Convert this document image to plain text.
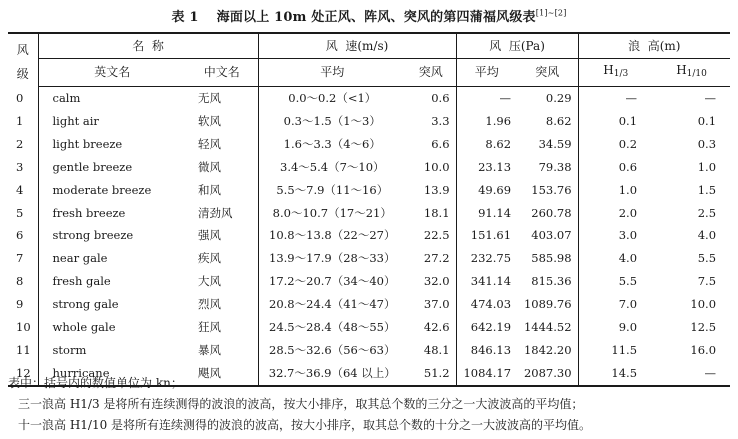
表 1 海面以上 10m 处正风、阵风、突风的第四蒲福风级表[1]~[2]
风
级	名  称		风  速(m/s)		风  压(Pa)		浪  高(m)	
	英文名	中文名	平均	突风	平均	突风	H1/3	H1/10
0	calm	无风	0.0～0.2（<1）	0.6	—	0.29	—	—
1	light air	软风	0.3～1.5（1～3）	3.3	1.96	8.62	0.1	0.1
2	light breeze	轻风	1.6～3.3（4～6）	6.6	8.62	34.59	0.2	0.3
3	gentle breeze	微风	3.4～5.4（7～10）	10.0	23.13	79.38	0.6	1.0
4	moderate breeze	和风	5.5～7.9（11～16）	13.9	49.69	153.76	1.0	1.5
5	fresh breeze	清劲风	8.0～10.7（17～21）	18.1	91.14	260.78	2.0	2.5
6	strong breeze	强风	10.8～13.8（22～27）	22.5	151.61	403.07	3.0	4.0
7	near gale	疾风	13.9～17.9（28～33）	27.2	232.75	585.98	4.0	5.5
8	fresh gale	大风	17.2～20.7（34～40）	32.0	341.14	815.36	5.5	7.5
9	strong gale	烈风	20.8～24.4（41～47）	37.0	474.03	1089.76	7.0	10.0
10	whole gale	狂风	24.5～28.4（48～55）	42.6	642.19	1444.52	9.0	12.5
11	storm	暴风	28.5～32.6（56～63）	48.1	846.13	1842.20	11.5	16.0
12	hurricane	飓风	32.7～36.9（64 以上）	51.2	1084.17	2087.30	14.5	—
表中：括号内的数值单位为 kn；
三一浪高 H1/3 是将所有连续测得的波浪的波高，按大小排序，取其总个数的三分之一大波波高的平均值；
十一浪高 H1/10 是将所有连续测得的波浪的波高，按大小排序，取其总个数的十分之一大波波高的平均值。
